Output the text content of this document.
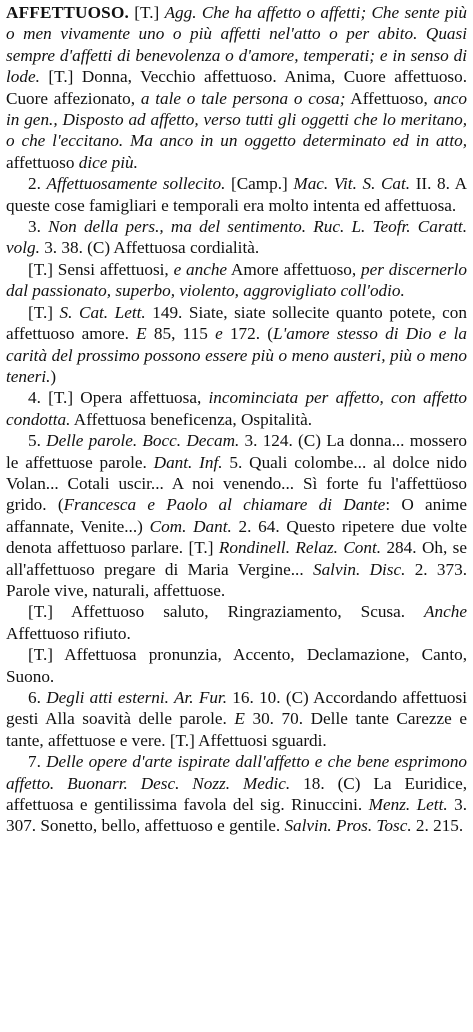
AFFETTUOSO. [T.] Agg. Che ha affetto o affetti; Che sente più o men vivamente uno o più affetti nel'atto o per abito. Quasi sempre d'affetti di benevolenza o d'amore, temperati; e in senso di lode. [T.] Donna, Vecchio affettuoso. Anima, Cuore affettuoso. Cuore affezionato, a tale o tale persona o cosa; Affettuoso, anco in gen., Disposto ad affetto, verso tutti gli oggetti che lo meritano, o che l'eccitano. Ma anco in un oggetto determinato ed in atto, affettuoso dice più.

2. Affettuosamente sollecito. [Camp.] Mac. Vit. S. Cat. II. 8. A queste cose famigliari e temporali era molto intenta ed affettuosa.

3. Non della pers., ma del sentimento. Ruc. L. Teofr. Caratt. volg. 3. 38. (C) Affettuosa cordialità.

[T.] Sensi affettuosi, e anche Amore affettuoso, per discernerlo dal passionato, superbo, violento, aggrovigliato coll'odio.

[T.] S. Cat. Lett. 149. Siate, siate sollecite quanto potete, con affettuoso amore. E 85, 115 e 172. (L'amore stesso di Dio e la carità del prossimo possono essere più o meno austeri, più o meno teneri.)

4. [T.] Opera affettuosa, incominciata per affetto, con affetto condotta. Affettuosa beneficenza, Ospitalità.

5. Delle parole. Bocc. Decam. 3. 124. (C) La donna... mossero le affettuose parole. Dant. Inf. 5. Quali colombe... al dolce nido Volan... Cotali uscir... A noi venendo... Sì forte fu l'affettüoso grido. (Francesca e Paolo al chiamare di Dante: O anime affannate, Venite...) Com. Dant. 2. 64. Questo ripetere due volte denota affettuoso parlare. [T.] Rondinell. Relaz. Cont. 284. Oh, se all'affettuoso pregare di Maria Vergine... Salvin. Disc. 2. 373. Parole vive, naturali, affettuose.

[T.] Affettuoso saluto, Ringraziamento, Scusa. Anche Affettuoso rifiuto.

[T.] Affettuosa pronunzia, Accento, Declamazione, Canto, Suono.

6. Degli atti esterni. Ar. Fur. 16. 10. (C) Accordando affettuosi gesti Alla soavità delle parole. E 30. 70. Delle tante Carezze e tante, affettuose e vere. [T.] Affettuosi sguardi.

7. Delle opere d'arte ispirate dall'affetto e che bene esprimono affetto. Buonarr. Desc. Nozz. Medic. 18. (C) La Euridice, affettuosa e gentilissima favola del sig. Rinuccini. Menz. Lett. 3. 307. Sonetto, bello, affettuoso e gentile. Salvin. Pros. Tosc. 2. 215.
